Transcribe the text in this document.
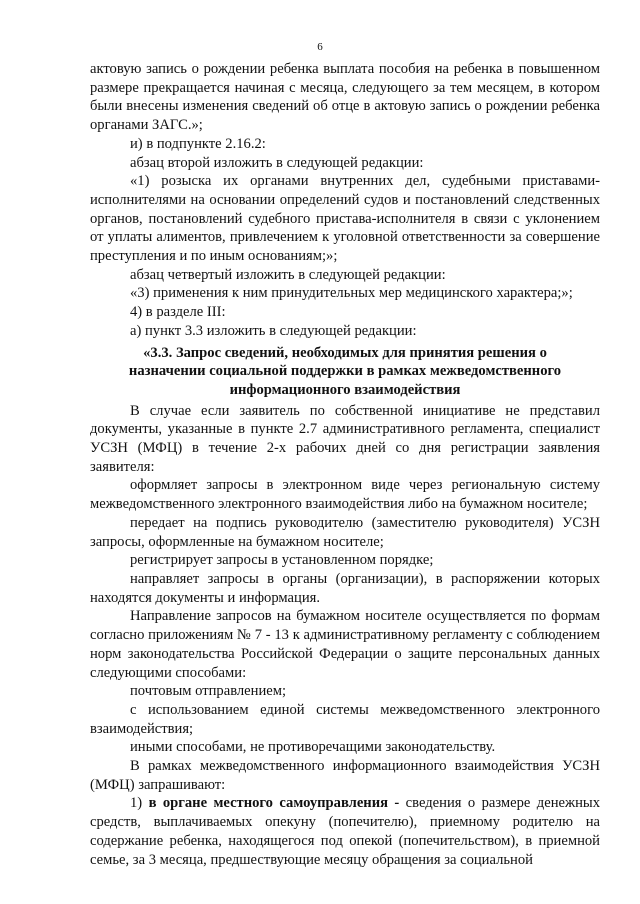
6

актовую запись о рождении ребенка выплата пособия на ребенка в повышенном размере прекращается начиная с месяца, следующего за тем месяцем, в котором были внесены изменения сведений об отце в актовую запись о рождении ребенка органами ЗАГС.»;

и) в подпункте 2.16.2:

абзац второй изложить в следующей редакции:

«1) розыска их органами внутренних дел, судебными приставами-исполнителями на основании определений судов и постановлений следственных органов, постановлений судебного пристава-исполнителя в связи с уклонением от уплаты алиментов, привлечением к уголовной ответственности за совершение преступления и по иным основаниям;»;

абзац четвертый изложить в следующей редакции:

«3) применения к ним принудительных мер медицинского характера;»;

4) в разделе III:

а) пункт 3.3 изложить в следующей редакции:

«3.3. Запрос сведений, необходимых для принятия решения о
назначении социальной поддержки в рамках межведомственного
информационного взаимодействия

В случае если заявитель по собственной инициативе не представил документы, указанные в пункте 2.7 административного регламента, специалист УСЗН (МФЦ) в течение 2-х рабочих дней со дня регистрации заявления заявителя:

оформляет запросы в электронном виде через региональную систему межведомственного электронного взаимодействия либо на бумажном носителе;

передает на подпись руководителю (заместителю руководителя) УСЗН запросы, оформленные на бумажном носителе;

регистрирует запросы в установленном порядке;

направляет запросы в органы (организации), в распоряжении которых находятся документы и информация.

Направление запросов на бумажном носителе осуществляется по формам согласно приложениям № 7 - 13 к административному регламенту с соблюдением норм законодательства Российской Федерации о защите персональных данных следующими способами:

почтовым отправлением;

с использованием единой системы межведомственного электронного взаимодействия;

иными способами, не противоречащими законодательству.

В рамках межведомственного информационного взаимодействия УСЗН (МФЦ) запрашивают:

1) в органе местного самоуправления - сведения о размере денежных средств, выплачиваемых опекуну (попечителю), приемному родителю на содержание ребенка, находящегося под опекой (попечительством), в приемной семье, за 3 месяца, предшествующие месяцу обращения за социальной
